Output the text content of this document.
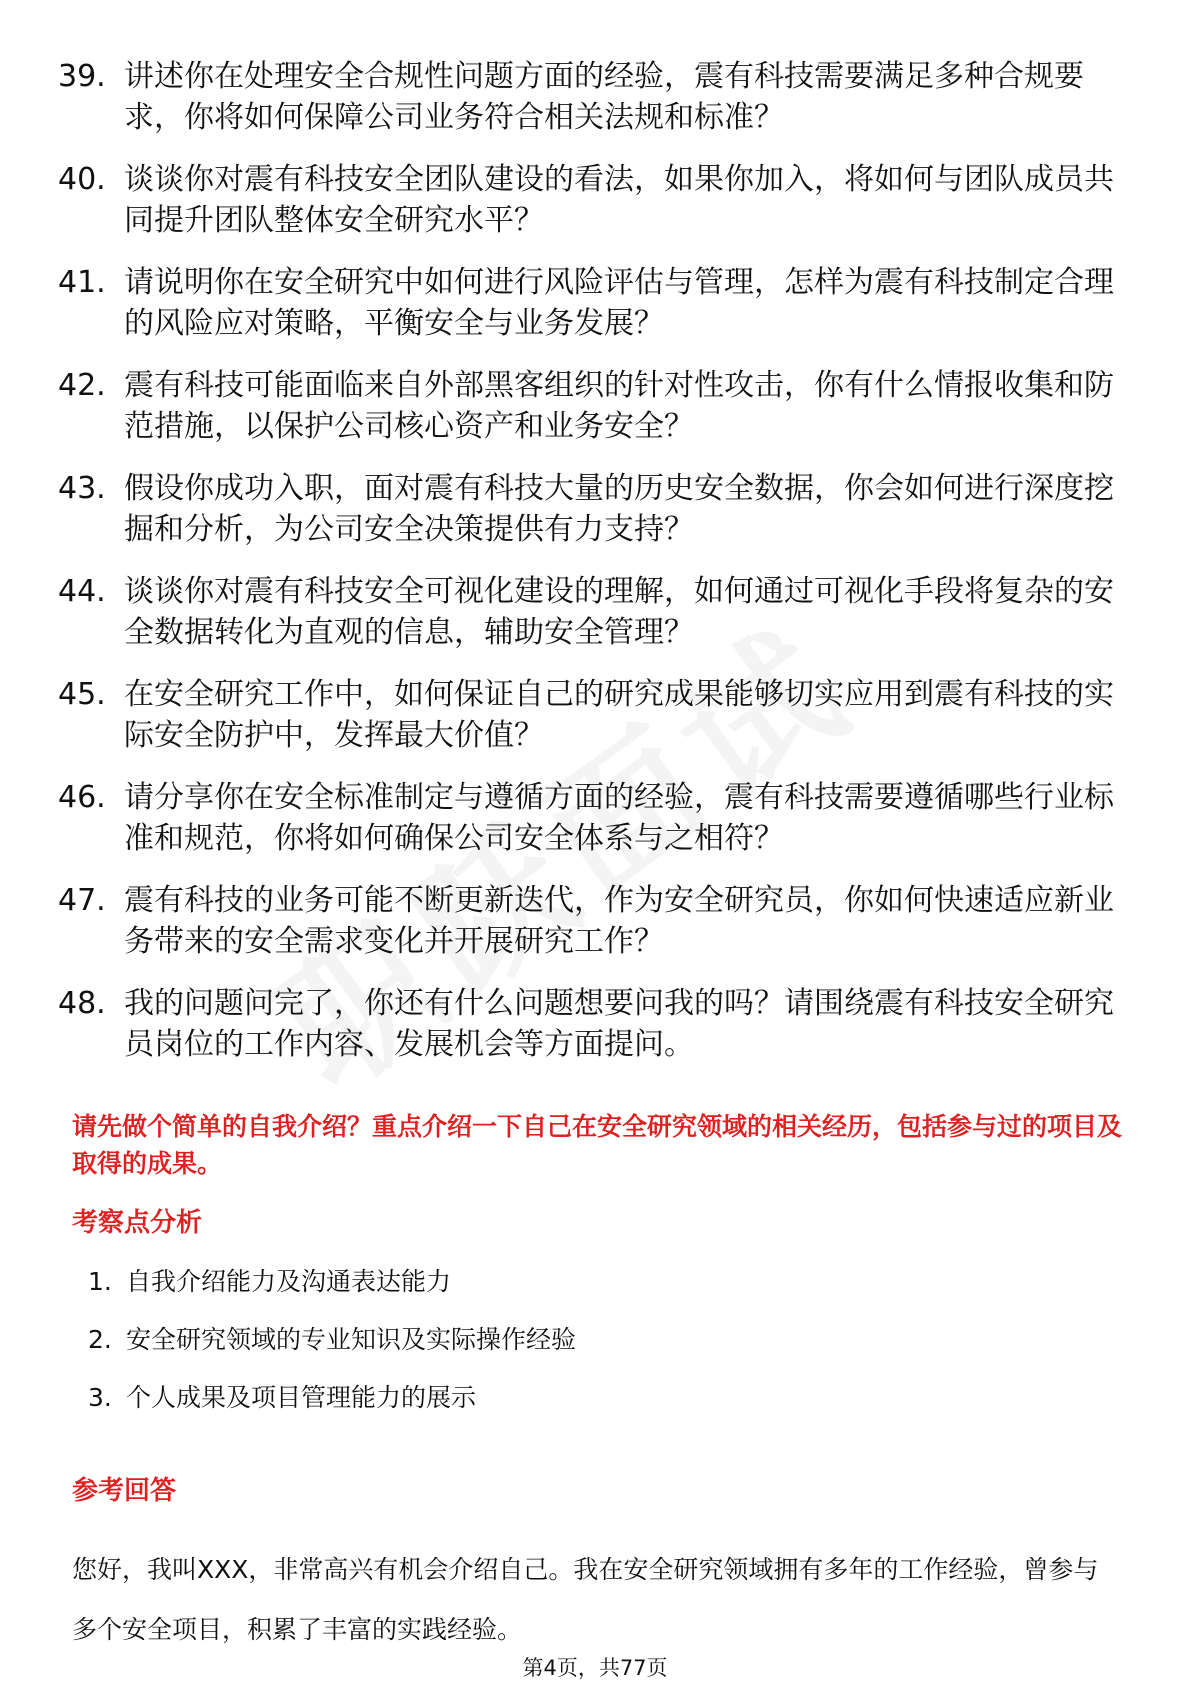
39. 讲述你在处理安全合规性问题方面的经验，震有科技需要满足多种合规要求，你将如何保障公司业务符合相关法规和标准？
40. 谈谈你对震有科技安全团队建设的看法，如果你加入，将如何与团队成员共同提升团队整体安全研究水平？
41. 请说明你在安全研究中如何进行风险评估与管理，怎样为震有科技制定合理的风险应对策略，平衡安全与业务发展？
42. 震有科技可能面临来自外部黑客组织的针对性攻击，你有什么情报收集和防范措施，以保护公司核心资产和业务安全？
43. 假设你成功入职，面对震有科技大量的历史安全数据，你会如何进行深度挖掘和分析，为公司安全决策提供有力支持？
44. 谈谈你对震有科技安全可视化建设的理解，如何通过可视化手段将复杂的安全数据转化为直观的信息，辅助安全管理？
45. 在安全研究工作中，如何保证自己的研究成果能够切实应用到震有科技的实际安全防护中，发挥最大价值？
46. 请分享你在安全标准制定与遵循方面的经验，震有科技需要遵循哪些行业标准和规范，你将如何确保公司安全体系与之相符？
47. 震有科技的业务可能不断更新迭代，作为安全研究员，你如何快速适应新业务带来的安全需求变化并开展研究工作？
48. 我的问题问完了，你还有什么问题想要问我的吗？请围绕震有科技安全研究员岗位的工作内容、发展机会等方面提问。
请先做个简单的自我介绍？重点介绍一下自己在安全研究领域的相关经历，包括参与过的项目及取得的成果。
考察点分析
1. 自我介绍能力及沟通表达能力
2. 安全研究领域的专业知识及实际操作经验
3. 个人成果及项目管理能力的展示
参考回答
您好，我叫XXX，非常高兴有机会介绍自己。我在安全研究领域拥有多年的工作经验，曾参与多个安全项目，积累了丰富的实践经验。
第4页，共77页
